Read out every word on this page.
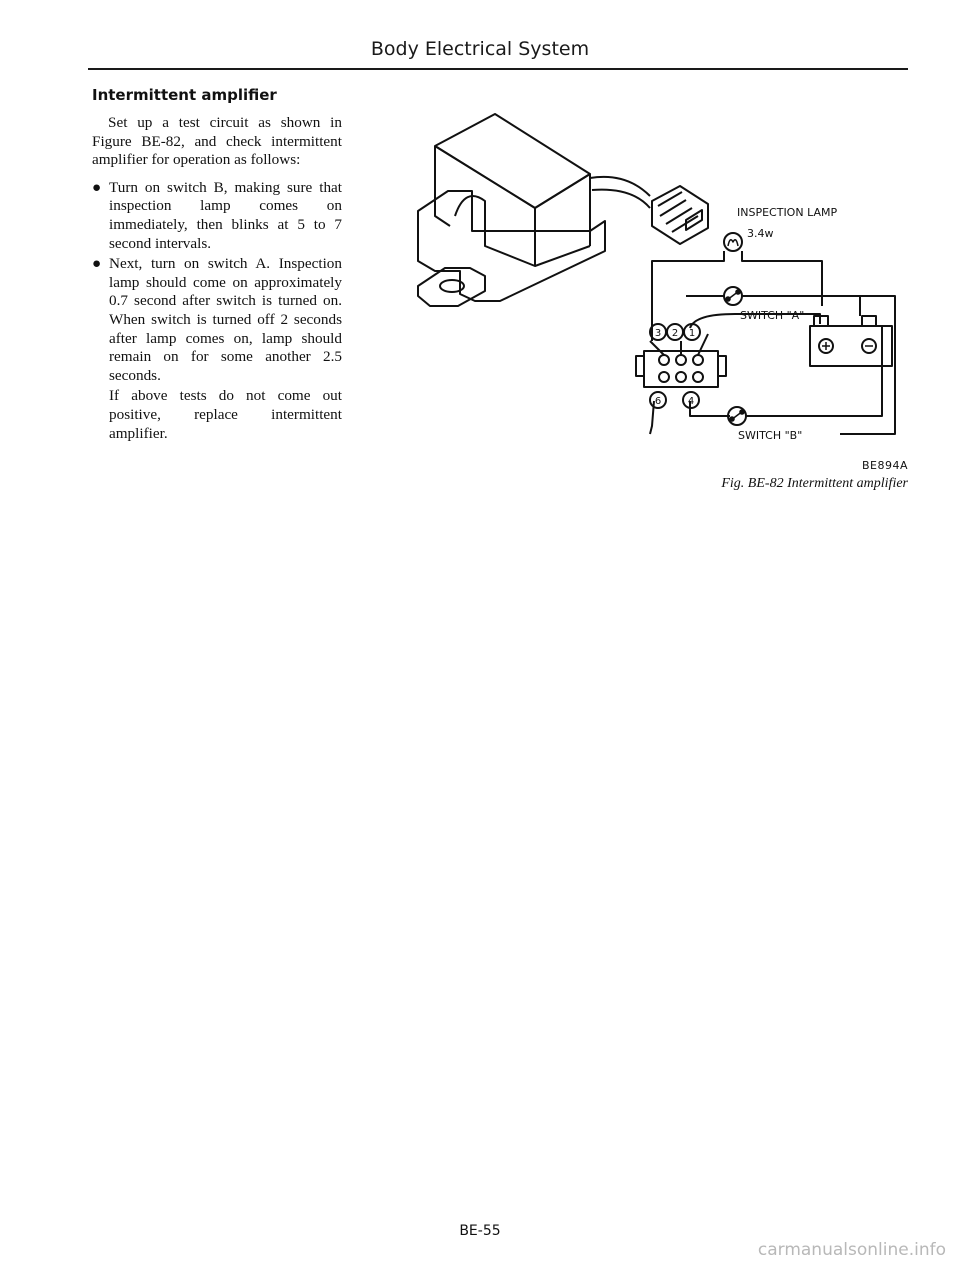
Body Electrical System
Intermittent amplifier

Set up a test circuit as shown in Figure BE-82, and check intermittent amplifier for operation as follows:

● Turn on switch B, making sure that inspection lamp comes on immediately, then blinks at 5 to 7 second intervals.
● Next, turn on switch A. Inspection lamp should come on approximately 0.7 second after switch is turned on. When switch is turned off 2 seconds after lamp comes on, lamp should remain on for some another 2.5 seconds.

If above tests do not come out positive, replace intermittent amplifier.

INSPECTION LAMP
3.4w
SWITCH "A"
SWITCH "B"
3 2 1
6	4
BE894A
Fig. BE-82 Intermittent amplifier
BE-55
carmanualsonline.info
